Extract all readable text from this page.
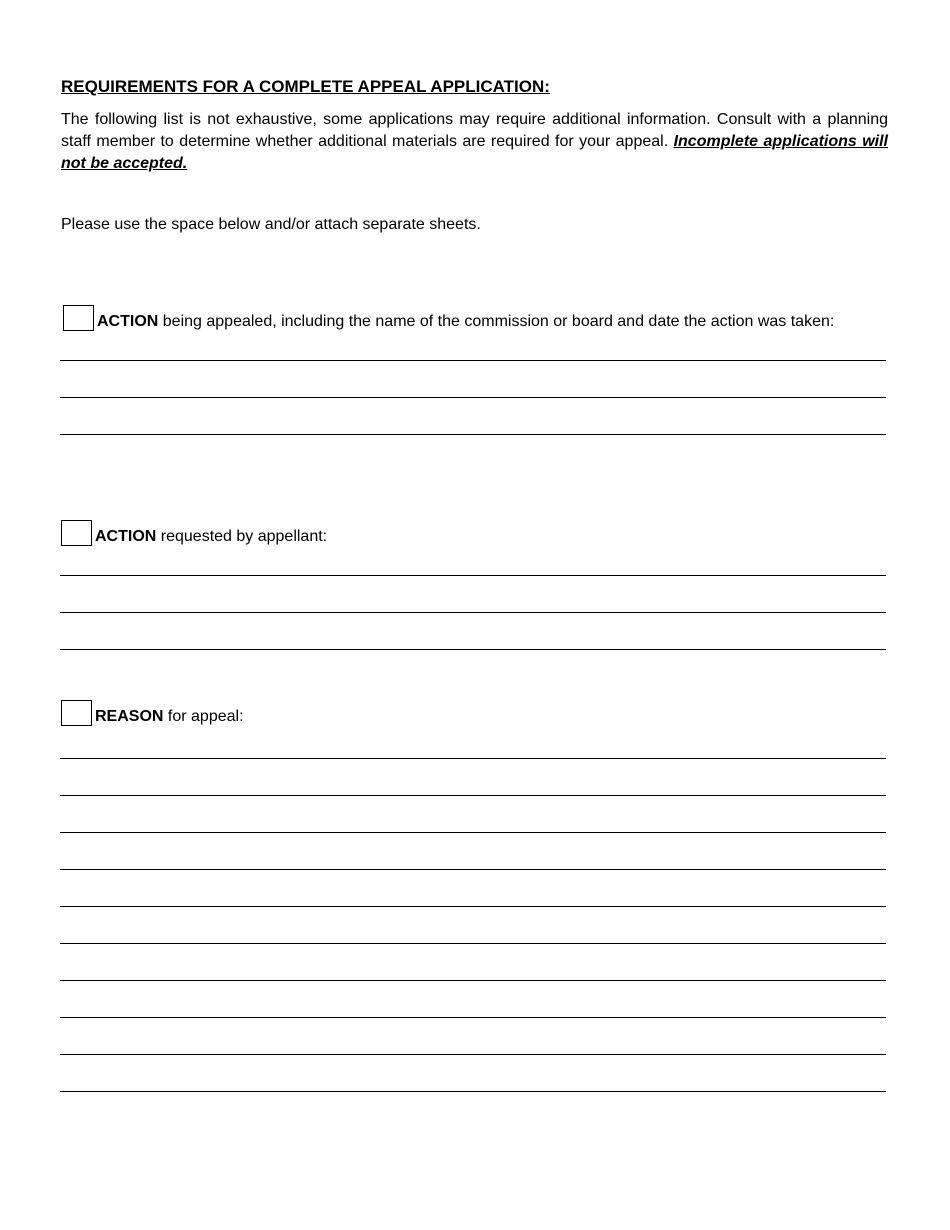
REQUIREMENTS FOR A COMPLETE APPEAL APPLICATION:

The following list is not exhaustive, some applications may require additional information. Consult with a planning staff member to determine whether additional materials are required for your appeal. Incomplete applications will not be accepted.

Please use the space below and/or attach separate sheets.

ACTION being appealed, including the name of the commission or board and date the action was taken:
ACTION requested by appellant:
REASON for appeal:
